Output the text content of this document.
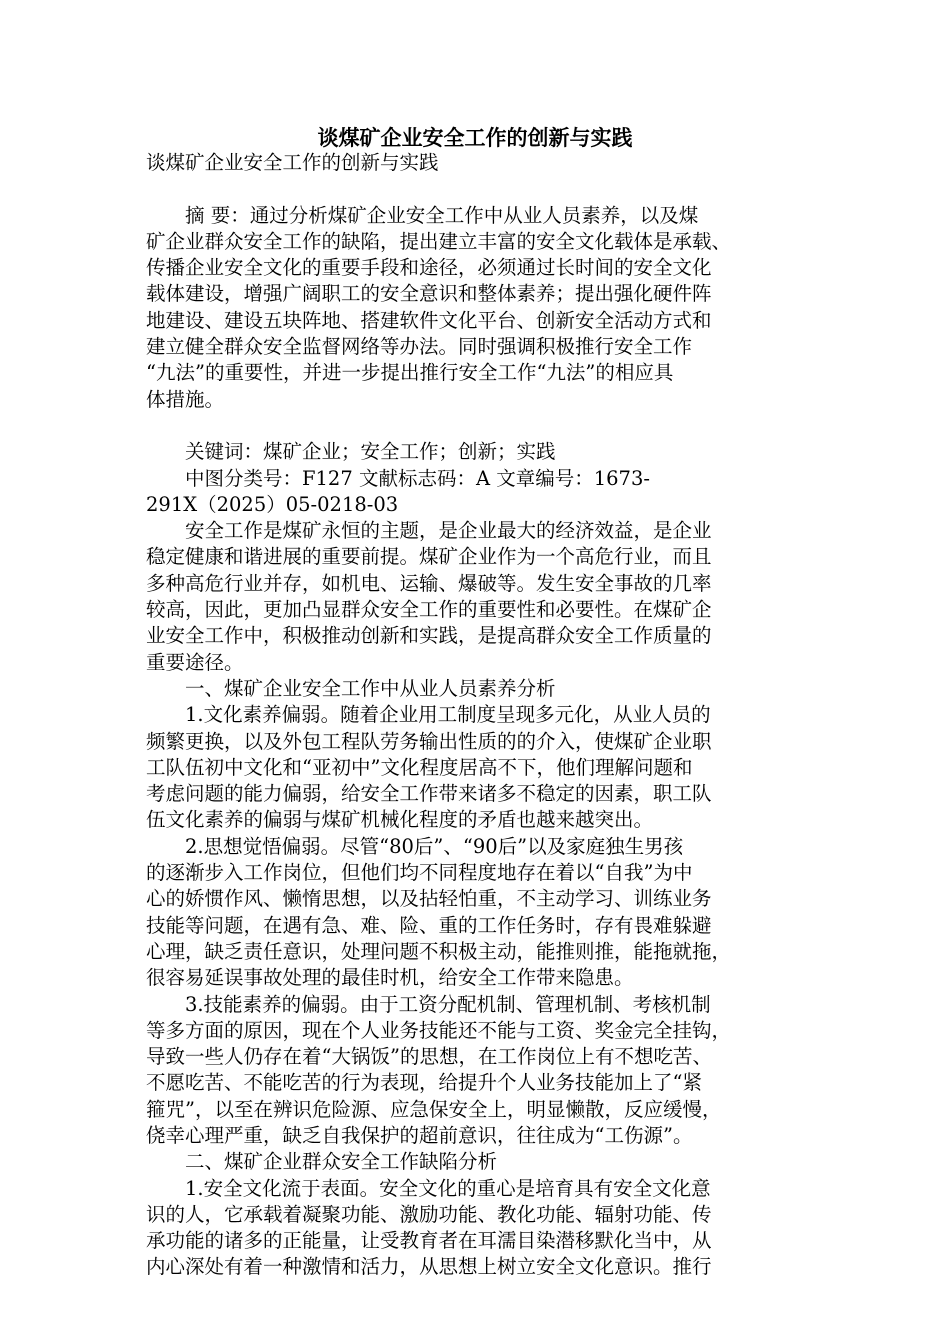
谈煤矿企业安全工作的创新与实践
谈煤矿企业安全工作的创新与实践
　　摘 要：通过分析煤矿企业安全工作中从业人员素养，以及煤
矿企业群众安全工作的缺陷，提出建立丰富的安全文化载体是承载、
传播企业安全文化的重要手段和途径，必须通过长时间的安全文化
载体建设，增强广阔职工的安全意识和整体素养；提出强化硬件阵
地建设、建设五块阵地、搭建软件文化平台、创新安全活动方式和
建立健全群众安全监督网络等办法。同时强调积极推行安全工作
“九法”的重要性，并进一步提出推行安全工作“九法”的相应具
体措施。
　　关键词：煤矿企业；安全工作；创新；实践
　　中图分类号：F127 文献标志码：A 文章编号：1673-
291X（2025）05-0218-03
　　安全工作是煤矿永恒的主题，是企业最大的经济效益，是企业
稳定健康和谐进展的重要前提。煤矿企业作为一个高危行业，而且
多种高危行业并存，如机电、运输、爆破等。发生安全事故的几率
较高，因此，更加凸显群众安全工作的重要性和必要性。在煤矿企
业安全工作中，积极推动创新和实践，是提高群众安全工作质量的
重要途径。
　　一、煤矿企业安全工作中从业人员素养分析
　　1.文化素养偏弱。随着企业用工制度呈现多元化，从业人员的
频繁更换，以及外包工程队劳务输出性质的的介入，使煤矿企业职
工队伍初中文化和“亚初中”文化程度居高不下，他们理解问题和
考虑问题的能力偏弱，给安全工作带来诸多不稳定的因素，职工队
伍文化素养的偏弱与煤矿机械化程度的矛盾也越来越突出。
　　2.思想觉悟偏弱。尽管“80后”、“90后”以及家庭独生男孩
的逐渐步入工作岗位，但他们均不同程度地存在着以“自我”为中
心的娇惯作风、懒惰思想，以及拈轻怕重，不主动学习、训练业务
技能等问题，在遇有急、难、险、重的工作任务时，存有畏难躲避
心理，缺乏责任意识，处理问题不积极主动，能推则推，能拖就拖，
很容易延误事故处理的最佳时机，给安全工作带来隐患。
　　3.技能素养的偏弱。由于工资分配机制、管理机制、考核机制
等多方面的原因，现在个人业务技能还不能与工资、奖金完全挂钩，
导致一些人仍存在着“大锅饭”的思想，在工作岗位上有不想吃苦、
不愿吃苦、不能吃苦的行为表现，给提升个人业务技能加上了“紧
箍咒”，以至在辨识危险源、应急保安全上，明显懒散，反应缓慢，
侥幸心理严重，缺乏自我保护的超前意识，往往成为“工伤源”。
　　二、煤矿企业群众安全工作缺陷分析
　　1.安全文化流于表面。安全文化的重心是培育具有安全文化意
识的人，它承载着凝聚功能、激励功能、教化功能、辐射功能、传
承功能的诸多的正能量，让受教育者在耳濡目染潜移默化当中，从
内心深处有着一种激情和活力，从思想上树立安全文化意识。推行
